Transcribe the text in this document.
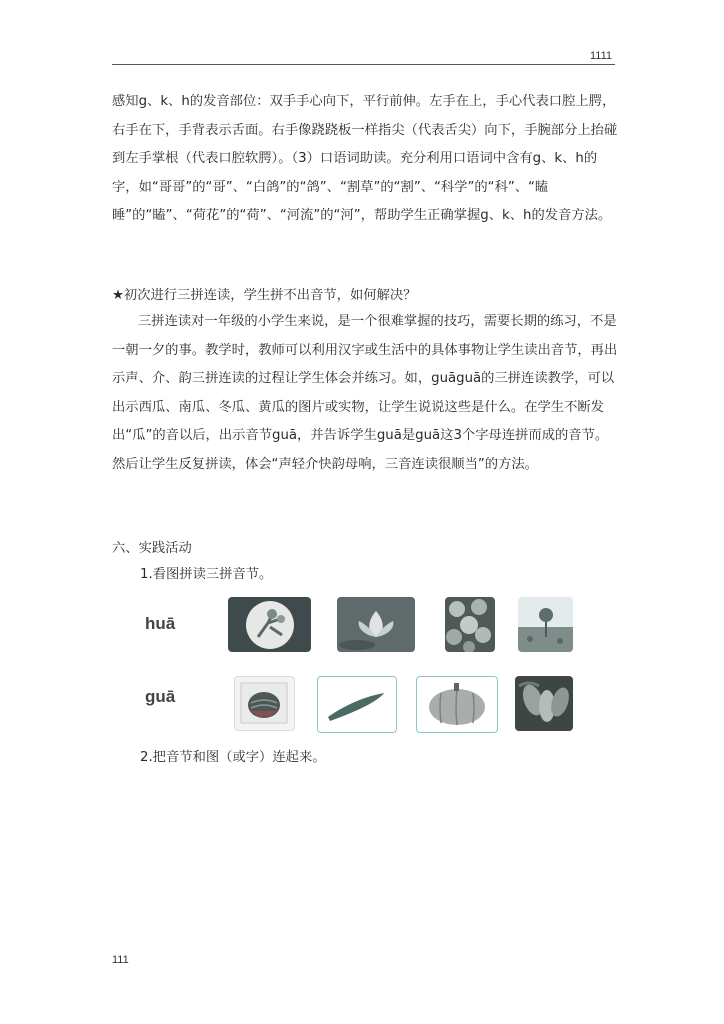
1111

感知g、k、h的发音部位：双手手心向下，平行前伸。左手在上，手心代表口腔上腭，右手在下，手背表示舌面。右手像跷跷板一样指尖（代表舌尖）向下，手腕部分上抬碰到左手掌根（代表口腔软腭）。（3）口语词助读。充分利用口语词中含有g、k、h的字，如“哥哥”的“哥”、“白鸽”的“鸽”、“割草”的“割”、“科学”的“科”、“瞌睡”的“瞌”、“荷花”的“荷”、“河流”的“河”，帮助学生正确掌握g、k、h的发音方法。

★初次进行三拼连读，学生拼不出音节，如何解决？

三拼连读对一年级的小学生来说，是一个很难掌握的技巧，需要长期的练习，不是一朝一夕的事。教学时，教师可以利用汉字或生活中的具体事物让学生读出音节，再出示声、介、韵三拼连读的过程让学生体会并练习。如，guāguā的三拼连读教学，可以出示西瓜、南瓜、冬瓜、黄瓜的图片或实物，让学生说说这些是什么。在学生不断发出“瓜”的音以后，出示音节guā，并告诉学生guā是guā这3个字母连拼而成的音节。然后让学生反复拼读，体会“声轻介快韵母响，三音连读很顺当”的方法。

六、实践活动
1.看图拼读三拼音节。
huā
guā
2.把音节和图（或字）连起来。
111
